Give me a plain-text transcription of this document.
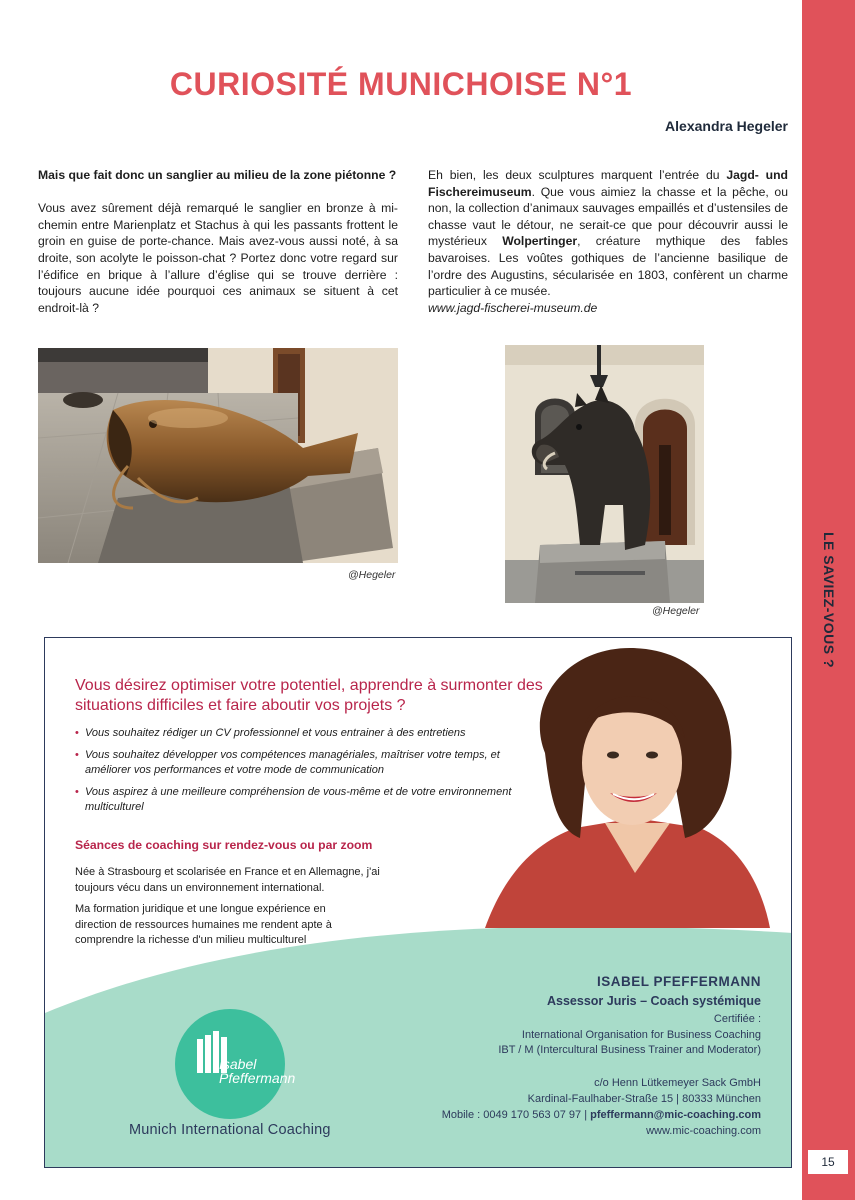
LE SAVIEZ-VOUS ?
15
CURIOSITÉ MUNICHOISE N°1
Alexandra Hegeler

Mais que fait donc un sanglier au milieu de la zone piétonne ?

Vous avez sûrement déjà remarqué le sanglier en bronze à mi-chemin entre Marienplatz et Stachus à qui les passants frottent le groin en guise de porte-chance. Mais avez-vous aussi noté, à sa droite, son acolyte le poisson-chat ? Portez donc votre regard sur l’édifice en brique à l’allure d’église qui se trouve derrière : toujours aucune idée pourquoi ces animaux se situent à cet endroit-là ?

Eh bien, les deux sculptures marquent l’entrée du Jagd- und Fischereimuseum. Que vous aimiez la chasse et la pêche, ou non, la collection d’animaux sauvages empaillés et d’ustensiles de chasse vaut le détour, ne serait-ce que pour découvrir aussi le mystérieux Wolpertinger, créature mythique des fables bavaroises. Les voûtes gothiques de l’ancienne basilique de l’ordre des Augustins, sécularisée en 1803, confèrent un charme particulier à ce musée.

www.jagd-fischerei-museum.de
@Hegeler
@Hegeler
Vous désirez optimiser votre potentiel, apprendre à surmonter des situations difficiles et faire aboutir vos projets ?
• Vous souhaitez rédiger un CV professionnel et vous entrainer à des entretiens
• Vous souhaitez développer vos compétences managériales, maîtriser votre temps, et améliorer vos performances et votre mode de communication
• Vous aspirez à une meilleure compréhension de vous-même et de votre environnement multiculturel
Séances de coaching sur rendez-vous ou par zoom
Née à Strasbourg et scolarisée en France et en Allemagne, j'ai toujours vécu dans un environnement international.
Ma formation juridique et une longue expérience en direction de ressources humaines me rendent apte à comprendre la richesse d'un milieu multiculturel
ISABEL PFEFFERMANN
Assessor Juris – Coach systémique
Certifiée :
International Organisation for Business Coaching
IBT / M (Intercultural Business Trainer and Moderator)
c/o Henn Lütkemeyer Sack GmbH
Kardinal-Faulhaber-Straße 15 | 80333 München
Mobile : 0049 170 563 07 97 | pfeffermann@mic-coaching.com
www.mic-coaching.com
Isabel
Pfeffermann
Munich International Coaching
